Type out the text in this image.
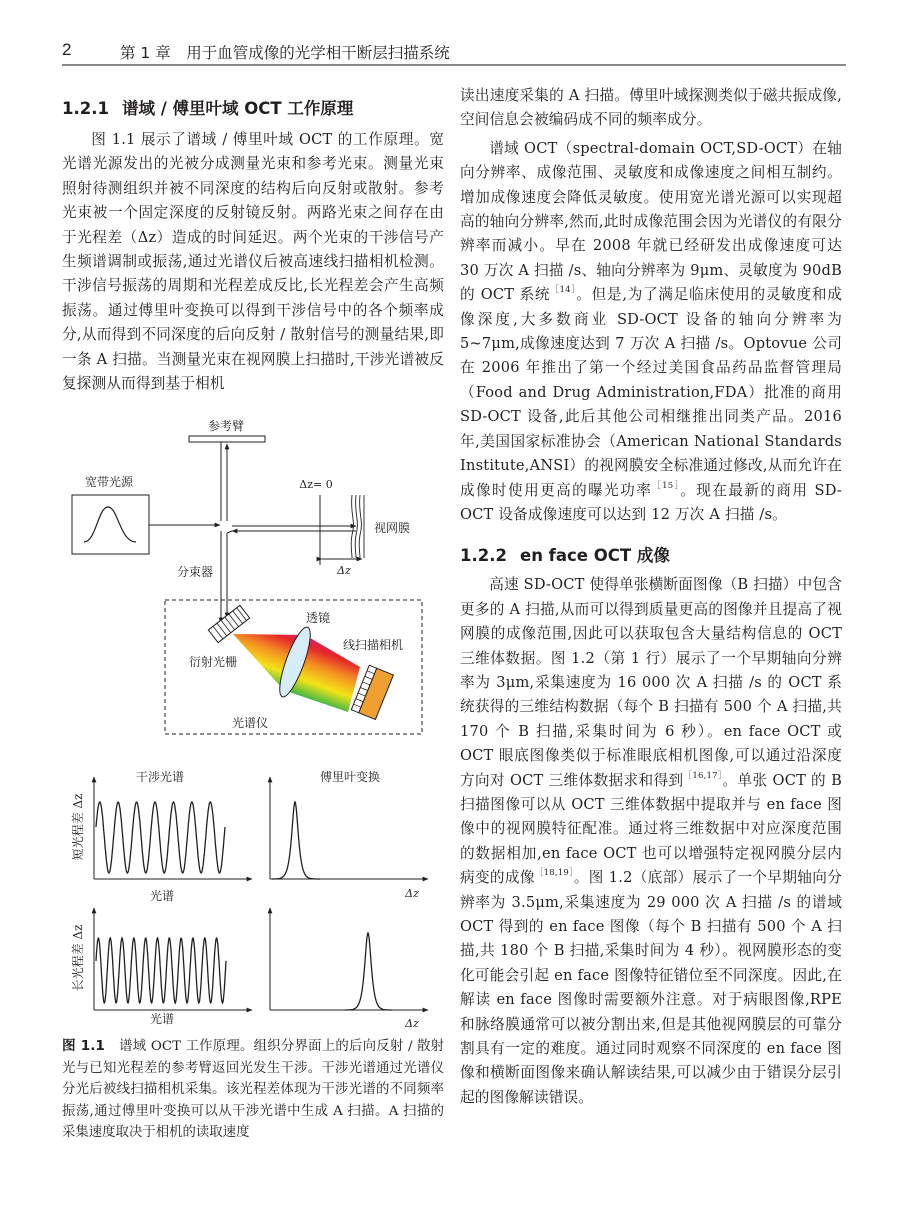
2	第 1 章　用于血管成像的光学相干断层扫描系统
1.2.1 谱域 / 傅里叶域 OCT 工作原理

图 1.1 展示了谱域 / 傅里叶域 OCT 的工作原理。宽光谱光源发出的光被分成测量光束和参考光束。测量光束照射待测组织并被不同深度的结构后向反射或散射。参考光束被一个固定深度的反射镜反射。两路光束之间存在由于光程差（Δz）造成的时间延迟。两个光束的干涉信号产生频谱调制或振荡,通过光谱仪后被高速线扫描相机检测。干涉信号振荡的周期和光程差成反比,长光程差会产生高频振荡。通过傅里叶变换可以得到干涉信号中的各个频率成分,从而得到不同深度的后向反射 / 散射信号的测量结果,即一条 A 扫描。当测量光束在视网膜上扫描时,干涉光谱被反复探测从而得到基于相机

参考臂
宽带光源	Δz= 0
视网膜
Δz
分束器
光谱仪
衍射光栅
透镜
线扫描相机
干涉光谱	傅里叶变换
短光程差 Δz
长光程差 Δz
光谱
光谱
Δz
Δz
图 1.1 谱域 OCT 工作原理。组织分界面上的后向反射 / 散射光与已知光程差的参考臂返回光发生干涉。干涉光谱通过光谱仪分光后被线扫描相机采集。该光程差体现为干涉光谱的不同频率振荡,通过傅里叶变换可以从干涉光谱中生成 A 扫描。A 扫描的采集速度取决于相机的读取速度

读出速度采集的 A 扫描。傅里叶域探测类似于磁共振成像,空间信息会被编码成不同的频率成分。

谱域 OCT（spectral-domain OCT,SD-OCT）在轴向分辨率、成像范围、灵敏度和成像速度之间相互制约。增加成像速度会降低灵敏度。使用宽光谱光源可以实现超高的轴向分辨率,然而,此时成像范围会因为光谱仪的有限分辨率而减小。早在 2008 年就已经研发出成像速度可达 30 万次 A 扫描 /s、轴向分辨率为 9μm、灵敏度为 90dB 的 OCT 系统$^{[14]}$。但是,为了满足临床使用的灵敏度和成像深度,大多数商业 SD-OCT 设备的轴向分辨率为 5~7μm,成像速度达到 7 万次 A 扫描 /s。Optovue 公司在 2006 年推出了第一个经过美国食品药品监督管理局（Food and Drug Administration,FDA）批准的商用 SD-OCT 设备,此后其他公司相继推出同类产品。2016 年,美国国家标准协会（American National Standards Institute,ANSI）的视网膜安全标准通过修改,从而允许在成像时使用更高的曝光功率$^{[15]}$。现在最新的商用 SD-OCT 设备成像速度可以达到 12 万次 A 扫描 /s。

1.2.2 en face OCT 成像

高速 SD-OCT 使得单张横断面图像（B 扫描）中包含更多的 A 扫描,从而可以得到质量更高的图像并且提高了视网膜的成像范围,因此可以获取包含大量结构信息的 OCT 三维体数据。图 1.2（第 1 行）展示了一个早期轴向分辨率为 3μm,采集速度为 16 000 次 A 扫描 /s 的 OCT 系统获得的三维结构数据（每个 B 扫描有 500 个 A 扫描,共 170 个 B 扫描,采集时间为 6 秒）。en face OCT 或 OCT 眼底图像类似于标准眼底相机图像,可以通过沿深度方向对 OCT 三维体数据求和得到$^{[16,17]}$。单张 OCT 的 B 扫描图像可以从 OCT 三维体数据中提取并与 en face 图像中的视网膜特征配准。通过将三维数据中对应深度范围的数据相加,en face OCT 也可以增强特定视网膜分层内病变的成像$^{[18,19]}$。图 1.2（底部）展示了一个早期轴向分辨率为 3.5μm,采集速度为 29 000 次 A 扫描 /s 的谱域 OCT 得到的 en face 图像（每个 B 扫描有 500 个 A 扫描,共 180 个 B 扫描,采集时间为 4 秒）。视网膜形态的变化可能会引起 en face 图像特征错位至不同深度。因此,在解读 en face 图像时需要额外注意。对于病眼图像,RPE 和脉络膜通常可以被分割出来,但是其他视网膜层的可靠分割具有一定的难度。通过同时观察不同深度的 en face 图像和横断面图像来确认解读结果,可以减少由于错误分层引起的图像解读错误。
